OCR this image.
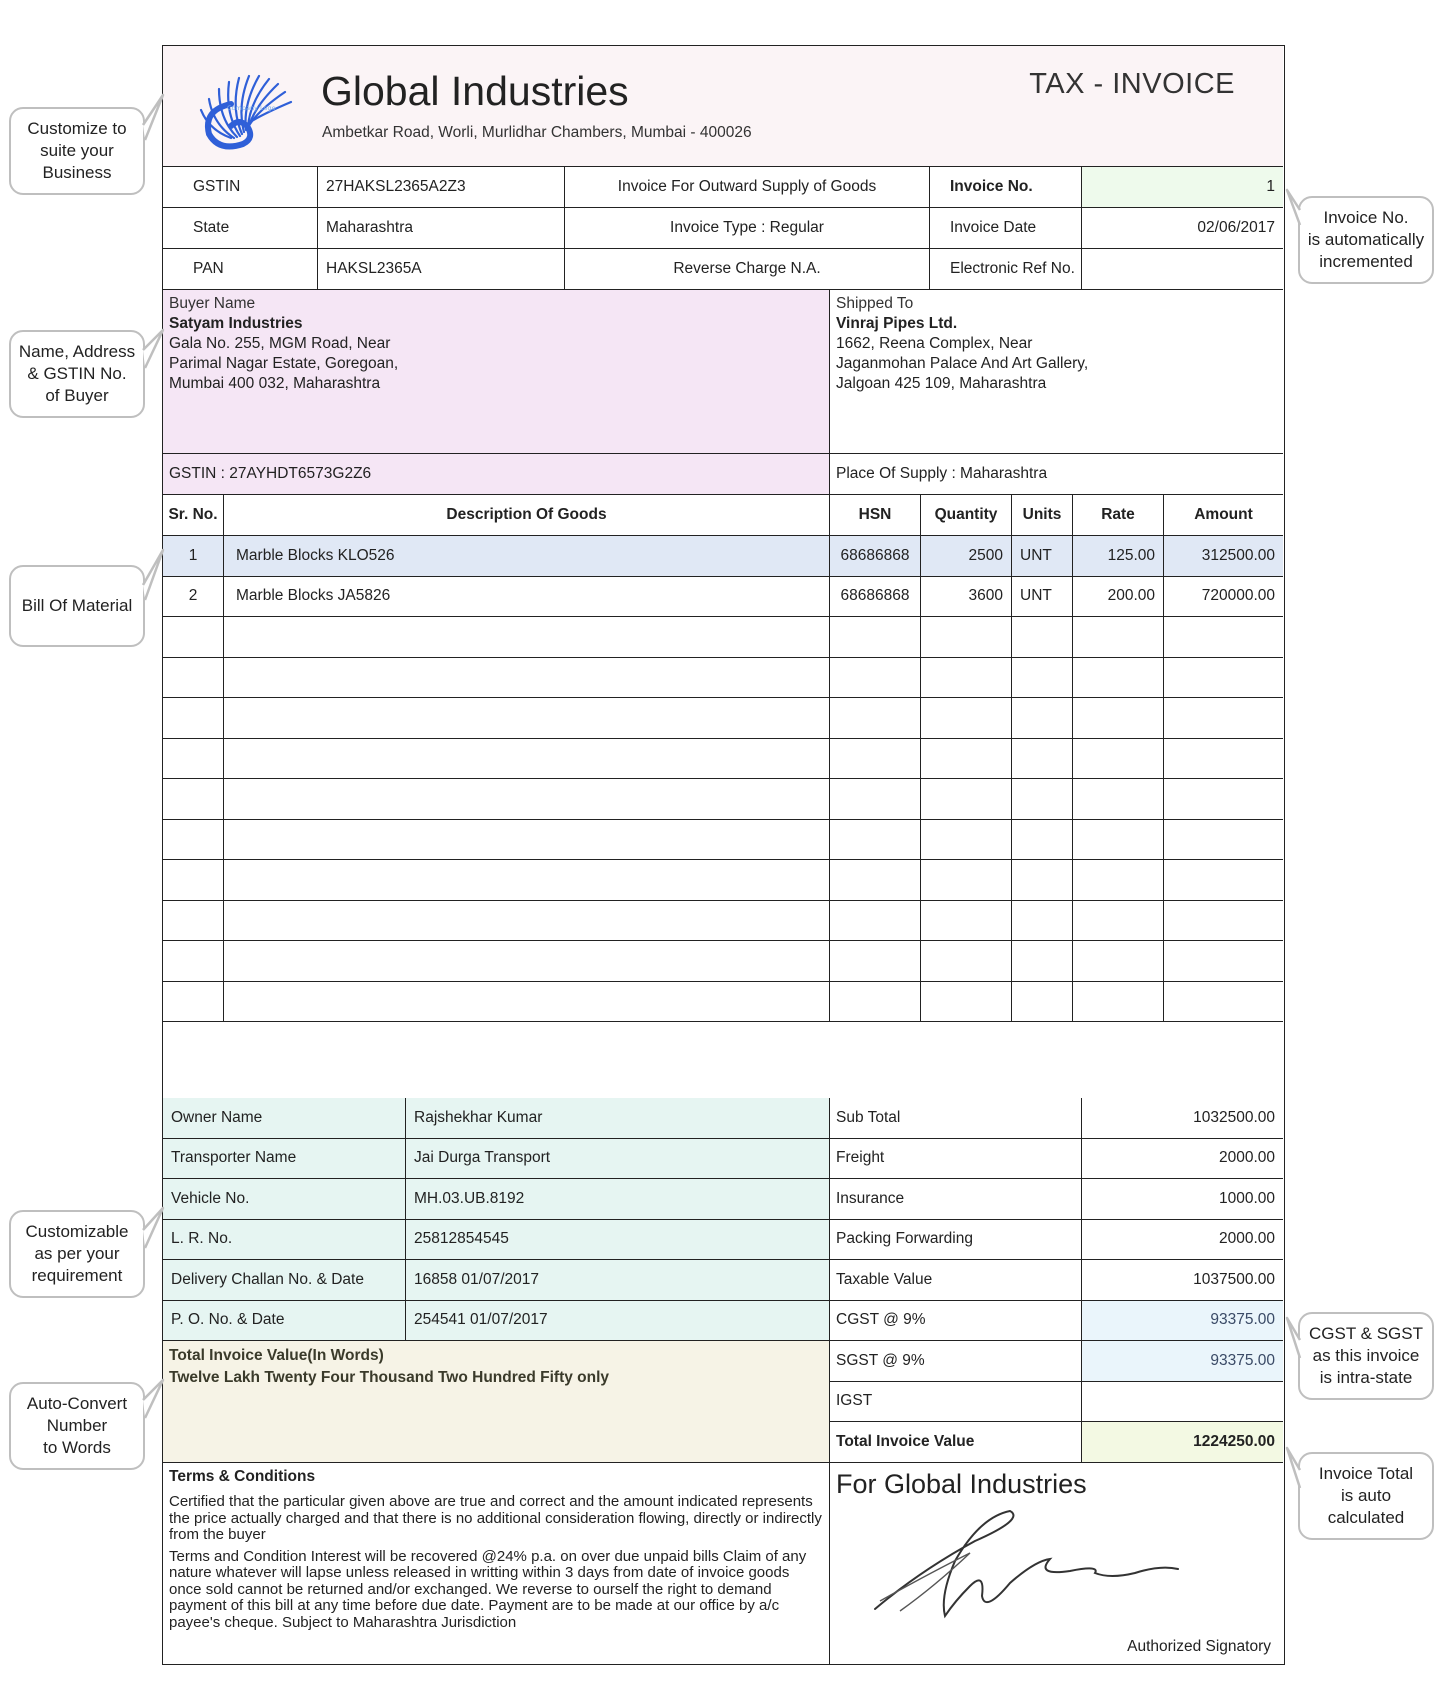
Company Logo Global Industries
Ambetkar Road, Worli, Murlidhar Chambers, Mumbai - 400026
TAX - INVOICE
GSTIN	27HAKSL2365A2Z3	Invoice For Outward Supply of Goods	Invoice No.	1
State	Maharashtra	Invoice Type : Regular	Invoice Date	02/06/2017
PAN	HAKSL2365A	Reverse Charge N.A.	Electronic Ref No.
Buyer Name
Satyam Industries
Gala No. 255, MGM Road, Near
Parimal Nagar Estate, Goregoan,
Mumbai 400 032, Maharashtra
Shipped To
Vinraj Pipes Ltd.
1662, Reena Complex, Near
Jaganmohan Palace And Art Gallery,
Jalgoan 425 109, Maharashtra
GSTIN : 27AYHDT6573G2Z6	Place Of Supply : Maharashtra
Sr. No.	Description Of Goods	HSN	Quantity	Units	Rate	Amount
1	Marble Blocks KLO526	68686868	2500	UNT	125.00	312500.00
2	Marble Blocks JA5826	68686868	3600	UNT	200.00	720000.00
Owner Name	Rajshekhar Kumar
Transporter Name	Jai Durga Transport
Vehicle No.	MH.03.UB.8192
L. R. No.	25812854545
Delivery Challan No. & Date	16858 01/07/2017
P. O. No. & Date	254541 01/07/2017
Sub Total	1032500.00
Freight	2000.00
Insurance	1000.00
Packing Forwarding	2000.00
Taxable Value	1037500.00
CGST @ 9%	93375.00
SGST @ 9%	93375.00
IGST
Total Invoice Value	1224250.00
Total Invoice Value(In Words)
Twelve Lakh Twenty Four Thousand Two Hundred Fifty only
Terms & Conditions
Certified that the particular given above are true and correct and the amount indicated represents the price actually charged and that there is no additional consideration flowing, directly or indirectly from the buyer
Terms and Condition Interest will be recovered @24% p.a. on over due unpaid bills Claim of any nature whatever will lapse unless released in writting within 3 days from date of invoice goods once sold cannot be returned and/or exchanged. We reverse to ourself the right to demand payment of this bill at any time before due date. Payment are to be made at our office by a/c payee's cheque. Subject to Maharashtra Jurisdiction
For Global Industries
Authorized Signatory
Customize to
suite your
Business
Invoice No.
is automatically
incremented
Name, Address
& GSTIN No.
of Buyer
Bill Of Material
Customizable
as per your
requirement
CGST & SGST
as this invoice
is intra-state
Auto-Convert
Number
to Words
Invoice Total
is auto
calculated
